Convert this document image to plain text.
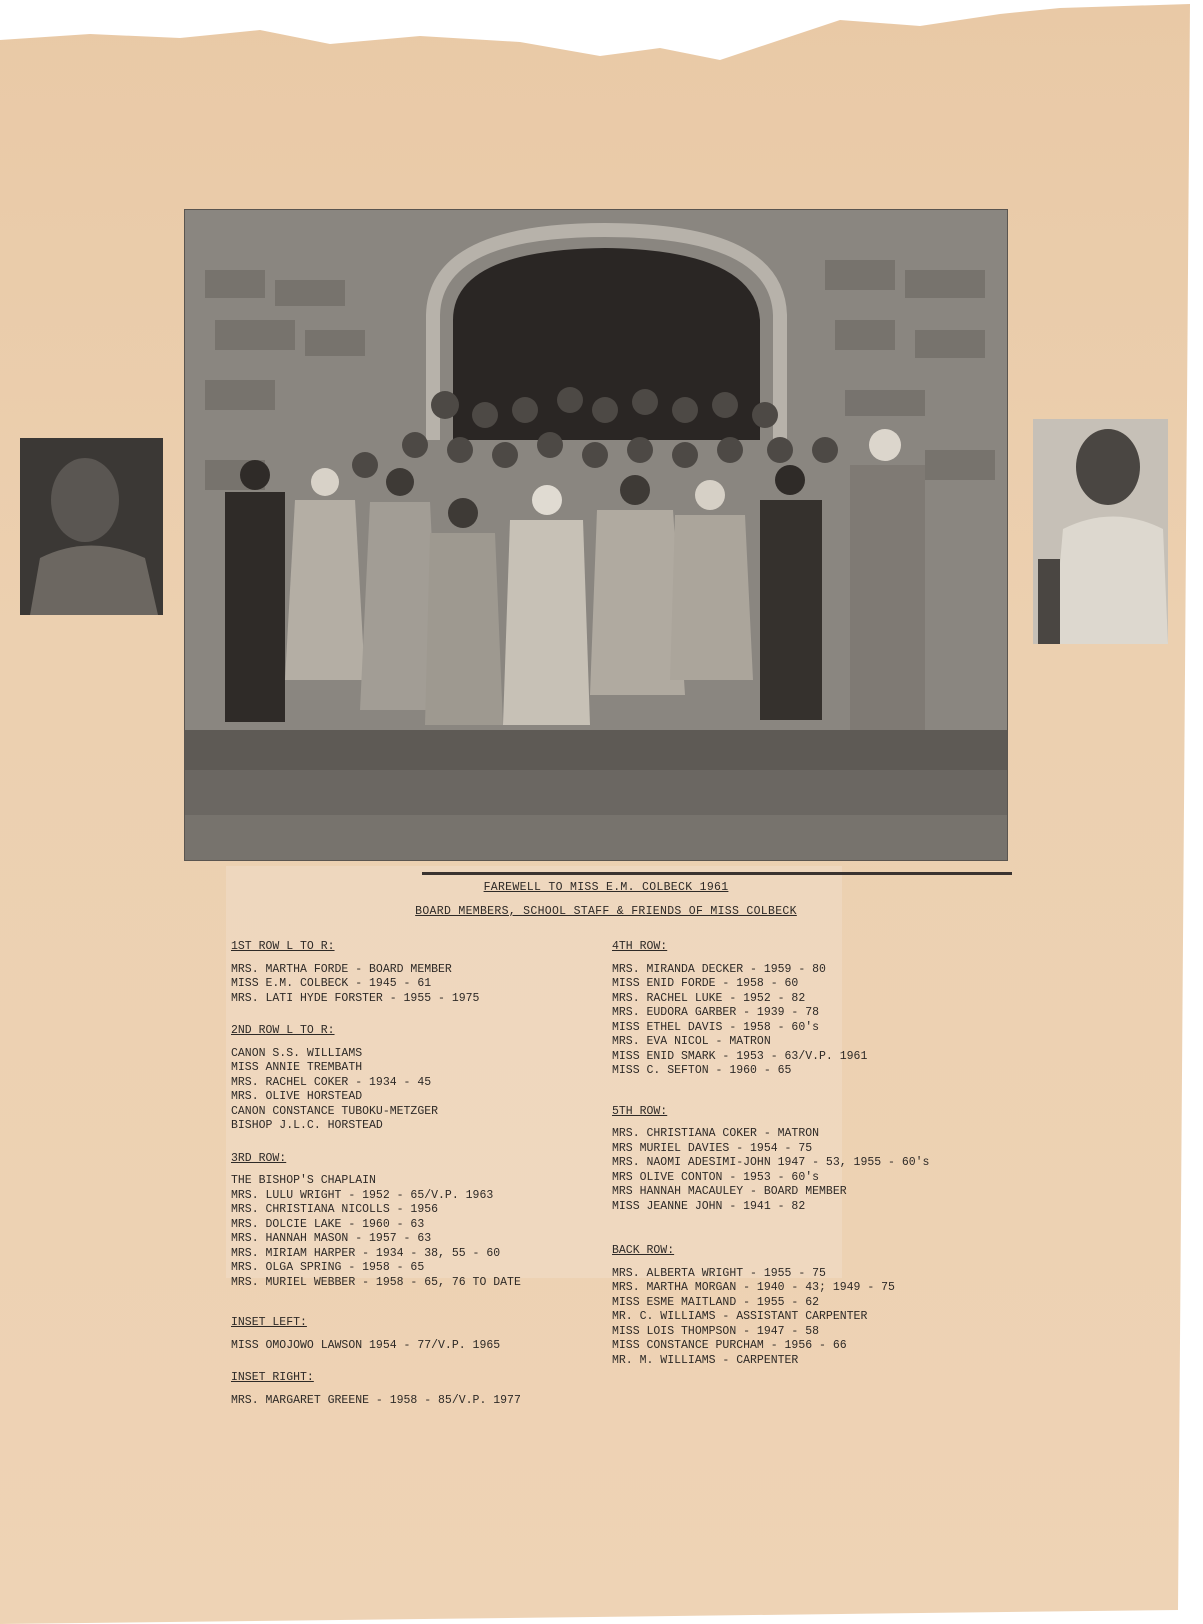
FAREWELL TO MISS E.M. COLBECK 1961
BOARD MEMBERS, SCHOOL STAFF & FRIENDS OF MISS COLBECK
1ST ROW L TO R:
MRS. MARTHA FORDE - BOARD MEMBER
MISS E.M. COLBECK - 1945 - 61
MRS. LATI HYDE FORSTER - 1955 - 1975
2ND ROW L TO R:
CANON S.S. WILLIAMS
MISS ANNIE TREMBATH
MRS. RACHEL COKER - 1934 - 45
MRS. OLIVE HORSTEAD
CANON CONSTANCE TUBOKU-METZGER
BISHOP J.L.C. HORSTEAD
3RD ROW:
THE BISHOP'S CHAPLAIN
MRS. LULU WRIGHT - 1952 - 65/V.P. 1963
MRS. CHRISTIANA NICOLLS - 1956
MRS. DOLCIE LAKE - 1960 - 63
MRS. HANNAH MASON - 1957 - 63
MRS. MIRIAM HARPER - 1934 - 38, 55 - 60
MRS. OLGA SPRING - 1958 - 65
MRS. MURIEL WEBBER - 1958 - 65, 76 TO DATE
INSET LEFT:
MISS OMOJOWO LAWSON 1954 - 77/V.P. 1965
INSET RIGHT:
MRS. MARGARET GREENE - 1958 - 85/V.P. 1977
4TH ROW:
MRS. MIRANDA DECKER - 1959 - 80
MISS ENID FORDE - 1958 - 60
MRS. RACHEL LUKE - 1952 - 82
MRS. EUDORA GARBER - 1939 - 78
MISS ETHEL DAVIS - 1958 - 60's
MRS. EVA NICOL - MATRON
MISS ENID SMARK - 1953 - 63/V.P. 1961
MISS C. SEFTON - 1960 - 65
5TH ROW:
MRS. CHRISTIANA COKER - MATRON
MRS MURIEL DAVIES - 1954 - 75
MRS. NAOMI ADESIMI-JOHN 1947 - 53, 1955 - 60's
MRS OLIVE CONTON - 1953 - 60's
MRS HANNAH MACAULEY - BOARD MEMBER
MISS JEANNE JOHN - 1941 - 82
BACK ROW:
MRS. ALBERTA WRIGHT - 1955 - 75
MRS. MARTHA MORGAN - 1940 - 43; 1949 - 75
MISS ESME MAITLAND - 1955 - 62
MR. C. WILLIAMS - ASSISTANT CARPENTER
MISS LOIS THOMPSON - 1947 - 58
MISS CONSTANCE PURCHAM - 1956 - 66
MR. M. WILLIAMS - CARPENTER
